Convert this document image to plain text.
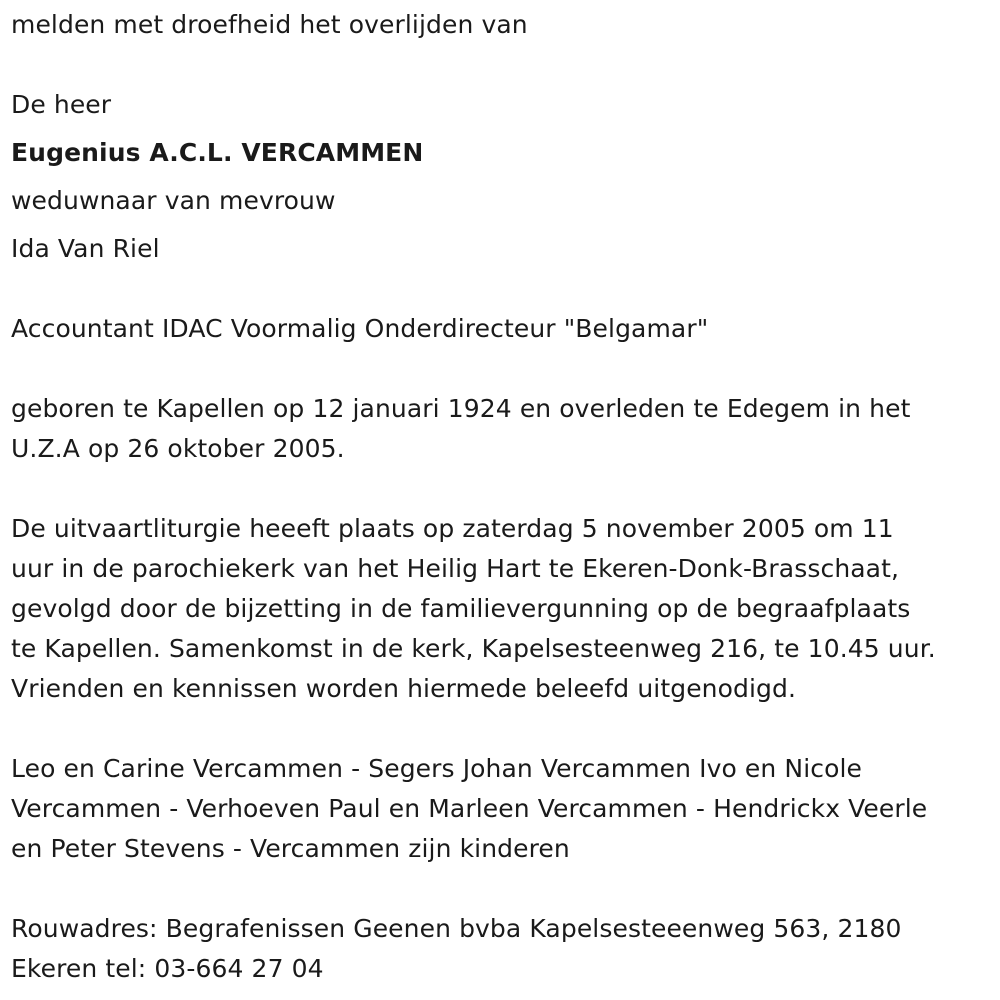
melden met droefheid het overlijden van
De heer
Eugenius A.C.L. VERCAMMEN
weduwnaar van mevrouw
Ida Van Riel
Accountant IDAC Voormalig Onderdirecteur "Belgamar"
geboren te Kapellen op 12 januari 1924 en overleden te Edegem in het
U.Z.A op 26 oktober 2005.
De uitvaartliturgie heeeft plaats op zaterdag 5 november 2005 om 11
uur in de parochiekerk van het Heilig Hart te Ekeren-Donk-Brasschaat,
gevolgd door de bijzetting in de familievergunning op de begraafplaats
te Kapellen. Samenkomst in de kerk, Kapelsesteenweg 216, te 10.45 uur.
Vrienden en kennissen worden hiermede beleefd uitgenodigd.
Leo en Carine Vercammen - Segers Johan Vercammen Ivo en Nicole
Vercammen - Verhoeven Paul en Marleen Vercammen - Hendrickx Veerle
en Peter Stevens - Vercammen zijn kinderen
Rouwadres: Begrafenissen Geenen bvba Kapelsesteeenweg 563, 2180
Ekeren tel: 03-664 27 04
